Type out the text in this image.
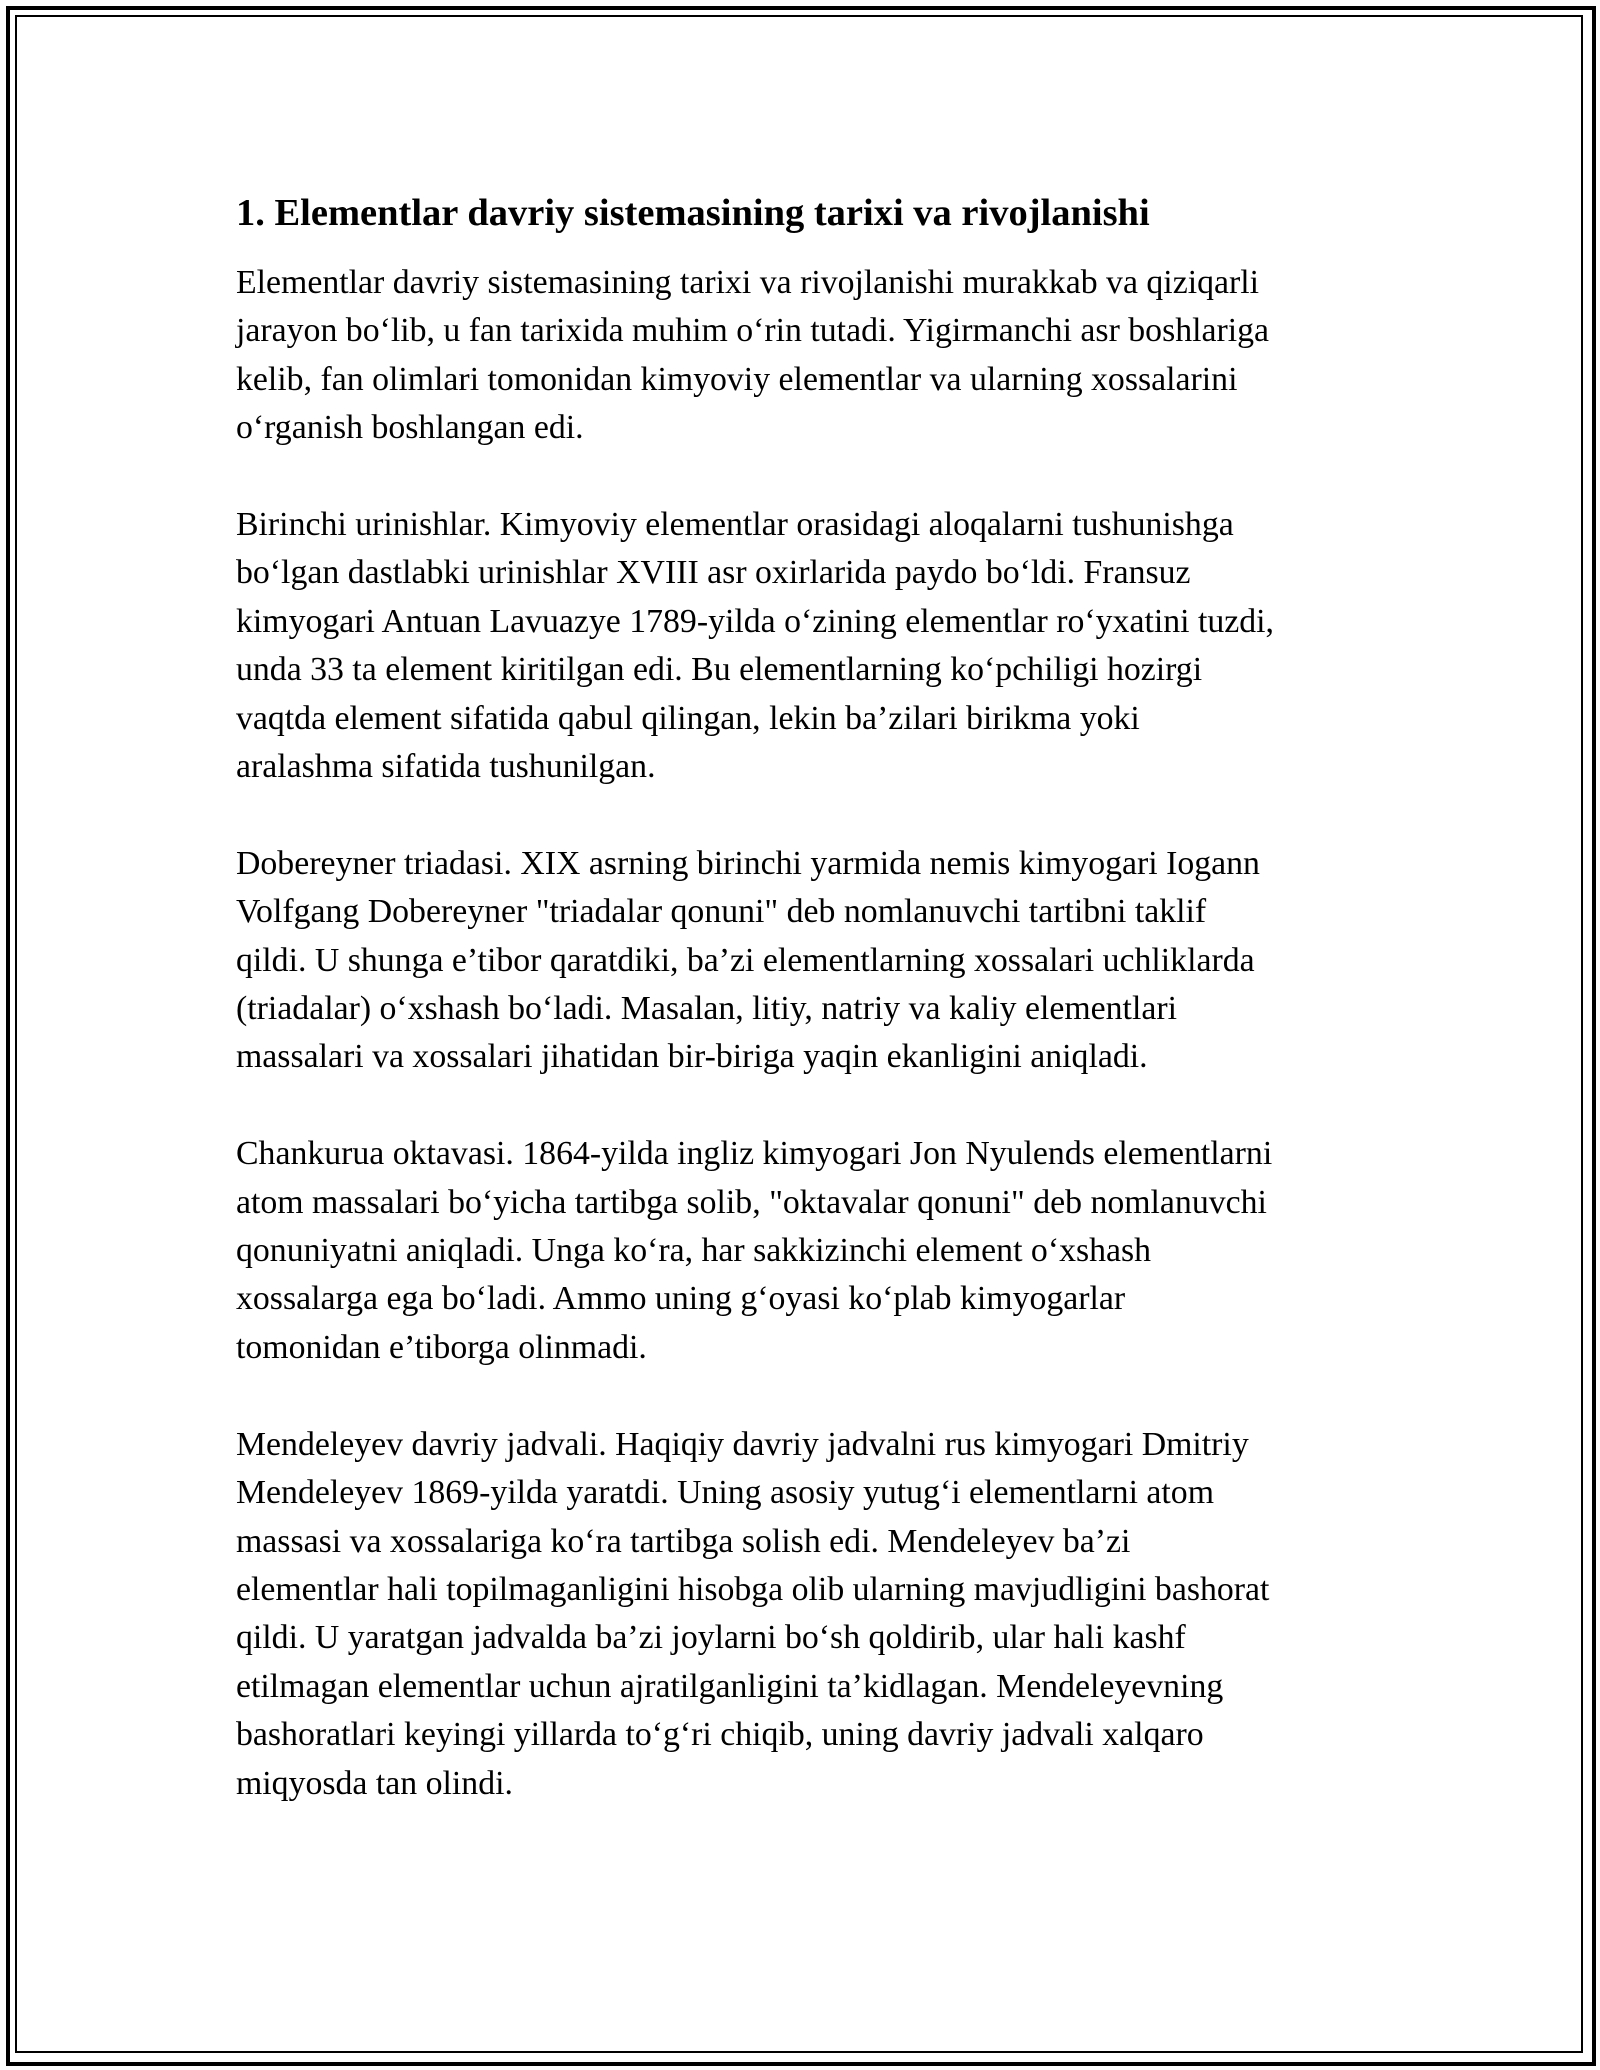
1. Elementlar davriy sistemasining tarixi va rivojlanishi
Elementlar davriy sistemasining tarixi va rivojlanishi murakkab va qiziqarli
jarayon bo‘lib, u fan tarixida muhim o‘rin tutadi. Yigirmanchi asr boshlariga
kelib, fan olimlari tomonidan kimyoviy elementlar va ularning xossalarini
o‘rganish boshlangan edi.
Birinchi urinishlar. Kimyoviy elementlar orasidagi aloqalarni tushunishga
bo‘lgan dastlabki urinishlar XVIII asr oxirlarida paydo bo‘ldi. Fransuz
kimyogari Antuan Lavuazye 1789-yilda o‘zining elementlar ro‘yxatini tuzdi,
unda 33 ta element kiritilgan edi. Bu elementlarning ko‘pchiligi hozirgi
vaqtda element sifatida qabul qilingan, lekin ba’zilari birikma yoki
aralashma sifatida tushunilgan.
Dobereyner triadasi. XIX asrning birinchi yarmida nemis kimyogari Iogann
Volfgang Dobereyner "triadalar qonuni" deb nomlanuvchi tartibni taklif
qildi. U shunga e’tibor qaratdiki, ba’zi elementlarning xossalari uchliklarda
(triadalar) o‘xshash bo‘ladi. Masalan, litiy, natriy va kaliy elementlari
massalari va xossalari jihatidan bir-biriga yaqin ekanligini aniqladi.
Chankurua oktavasi. 1864-yilda ingliz kimyogari Jon Nyulends elementlarni
atom massalari bo‘yicha tartibga solib, "oktavalar qonuni" deb nomlanuvchi
qonuniyatni aniqladi. Unga ko‘ra, har sakkizinchi element o‘xshash
xossalarga ega bo‘ladi. Ammo uning g‘oyasi ko‘plab kimyogarlar
tomonidan e’tiborga olinmadi.
Mendeleyev davriy jadvali. Haqiqiy davriy jadvalni rus kimyogari Dmitriy
Mendeleyev 1869-yilda yaratdi. Uning asosiy yutug‘i elementlarni atom
massasi va xossalariga ko‘ra tartibga solish edi. Mendeleyev ba’zi
elementlar hali topilmaganligini hisobga olib ularning mavjudligini bashorat
qildi. U yaratgan jadvalda ba’zi joylarni bo‘sh qoldirib, ular hali kashf
etilmagan elementlar uchun ajratilganligini ta’kidlagan. Mendeleyevning
bashoratlari keyingi yillarda to‘g‘ri chiqib, uning davriy jadvali xalqaro
miqyosda tan olindi.
